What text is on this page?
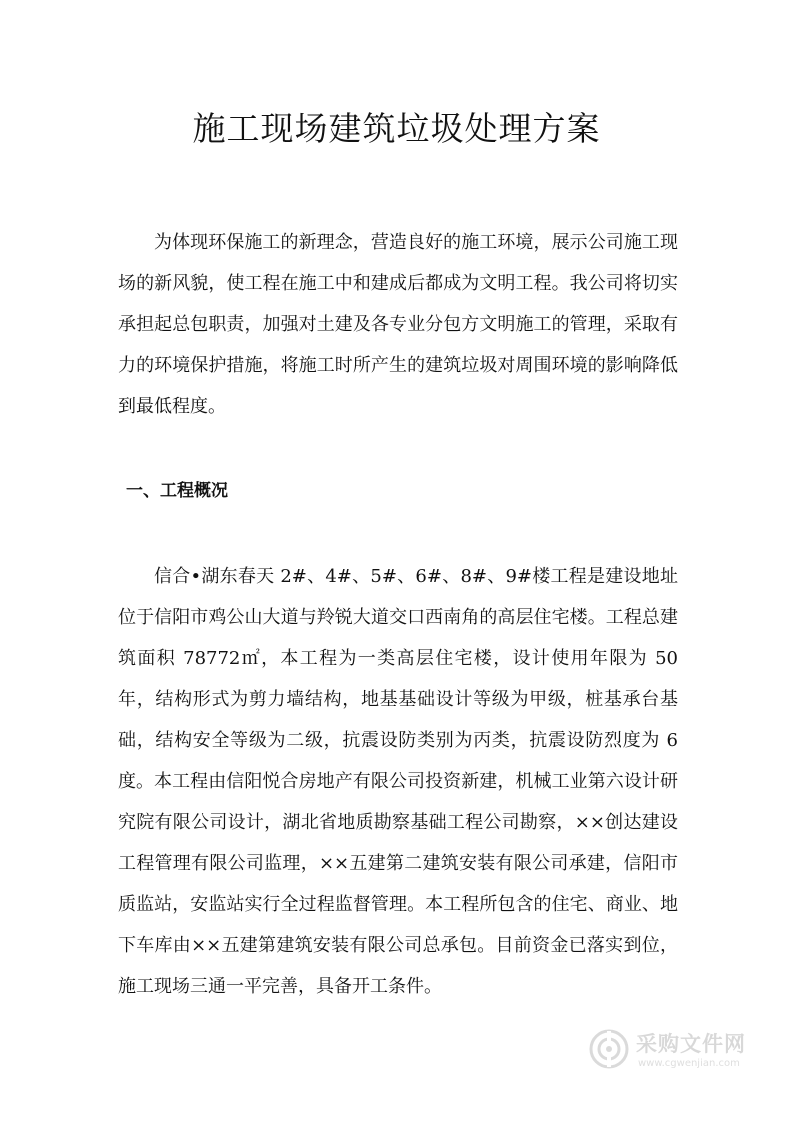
施工现场建筑垃圾处理方案

为体现环保施工的新理念，营造良好的施工环境，展示公司施工现场的新风貌，使工程在施工中和建成后都成为文明工程。我公司将切实承担起总包职责，加强对土建及各专业分包方文明施工的管理，采取有力的环境保护措施，将施工时所产生的建筑垃圾对周围环境的影响降低到最低程度。

一、工程概况

信合•湖东春天 2#、4#、5#、6#、8#、9#楼工程是建设地址位于信阳市鸡公山大道与羚锐大道交口西南角的高层住宅楼。工程总建筑面积 78772㎡，本工程为一类高层住宅楼，设计使用年限为 50 年，结构形式为剪力墙结构，地基基础设计等级为甲级，桩基承台基础，结构安全等级为二级，抗震设防类别为丙类，抗震设防烈度为 6 度。 本工程由信阳悦合房地产有限公司投资新建，机械工业第六设计研究院有限公司设计，湖北省地质勘察基础工程公司勘察，××创达建设工程管理有限公司监理，××五建第二建筑安装有限公司承建，信阳市质监站，安监站实行全过程监督管理。本工程所包含的住宅、商业、地下车库由××五建第建筑安装有限公司总承包。目前资金已落实到位，施工现场三通一平完善，具备开工条件。

采购文件网
www.cgwenjian.com
